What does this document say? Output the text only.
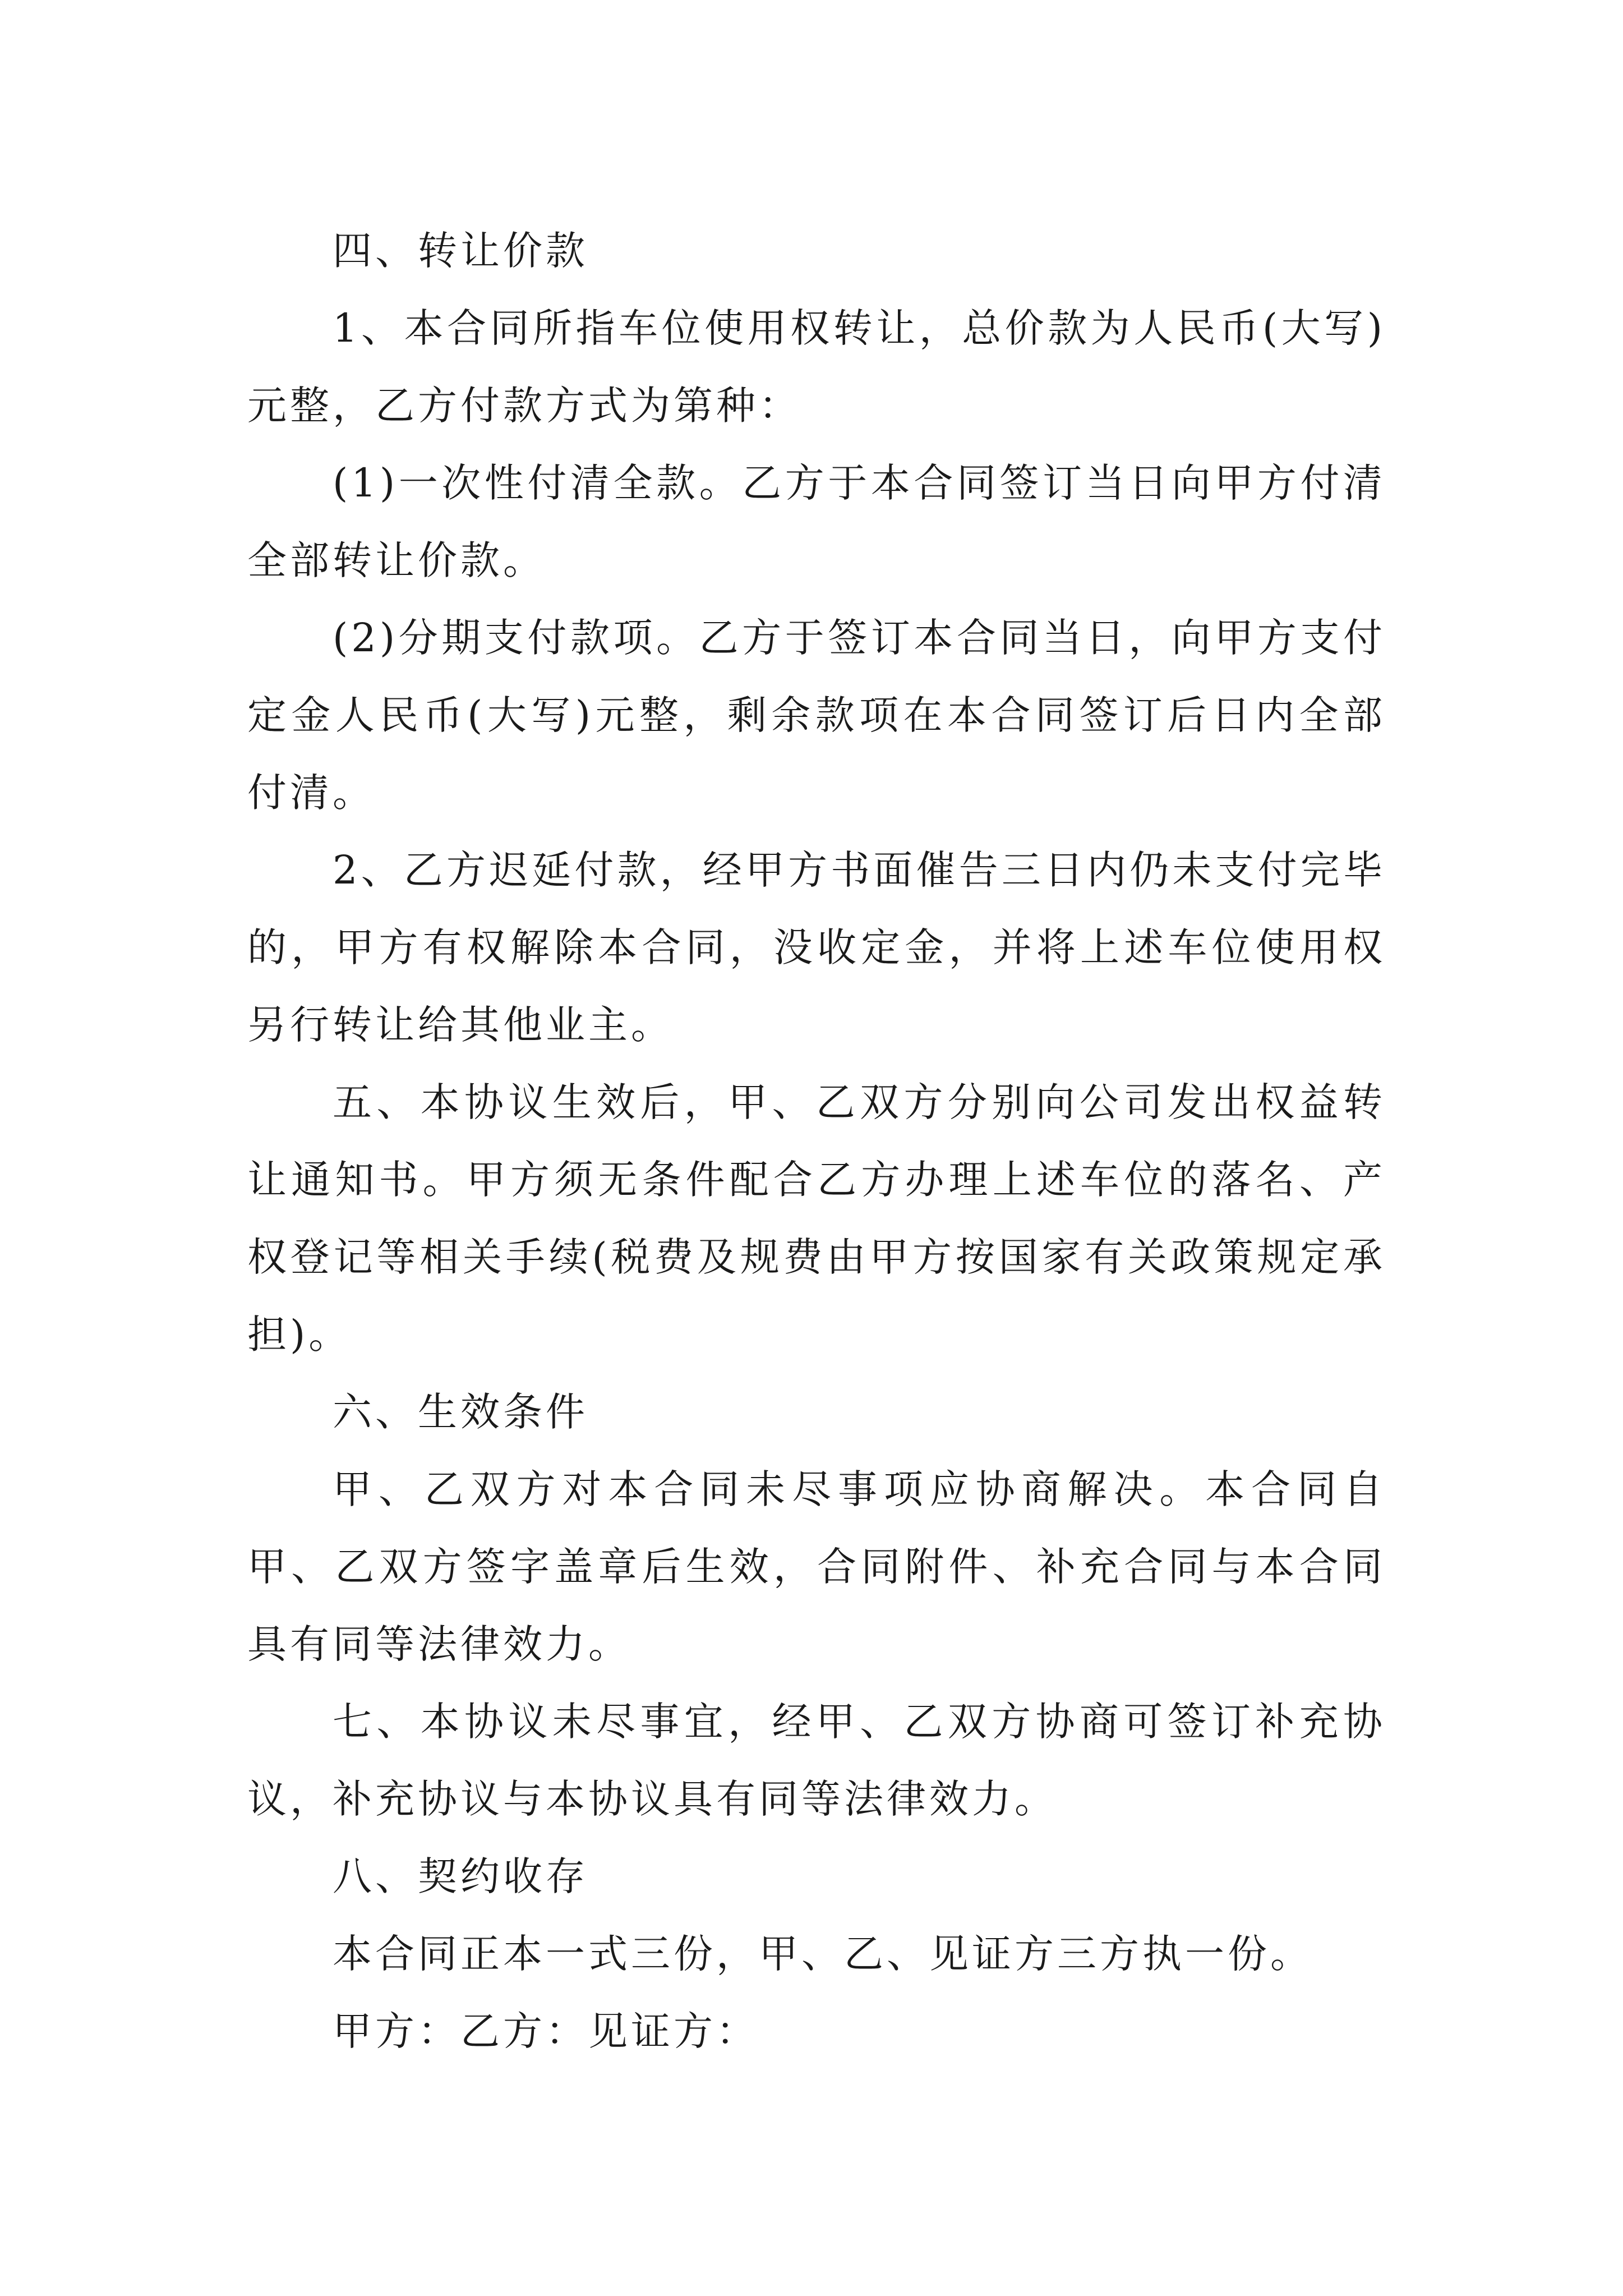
四、转让价款

1、本合同所指车位使用权转让，总价款为人民币(大写)元整，乙方付款方式为第种：

(1)一次性付清全款。乙方于本合同签订当日向甲方付清全部转让价款。

(2)分期支付款项。乙方于签订本合同当日，向甲方支付定金人民币(大写)元整，剩余款项在本合同签订后日内全部付清。

2、乙方迟延付款，经甲方书面催告三日内仍未支付完毕的，甲方有权解除本合同，没收定金，并将上述车位使用权另行转让给其他业主。

五、本协议生效后，甲、乙双方分别向公司发出权益转让通知书。甲方须无条件配合乙方办理上述车位的落名、产权登记等相关手续(税费及规费由甲方按国家有关政策规定承担)。

六、生效条件

甲、乙双方对本合同未尽事项应协商解决。本合同自甲、乙双方签字盖章后生效，合同附件、补充合同与本合同具有同等法律效力。

七、本协议未尽事宜，经甲、乙双方协商可签订补充协议，补充协议与本协议具有同等法律效力。

八、契约收存

本合同正本一式三份，甲、乙、见证方三方执一份。

甲方：乙方：见证方：
